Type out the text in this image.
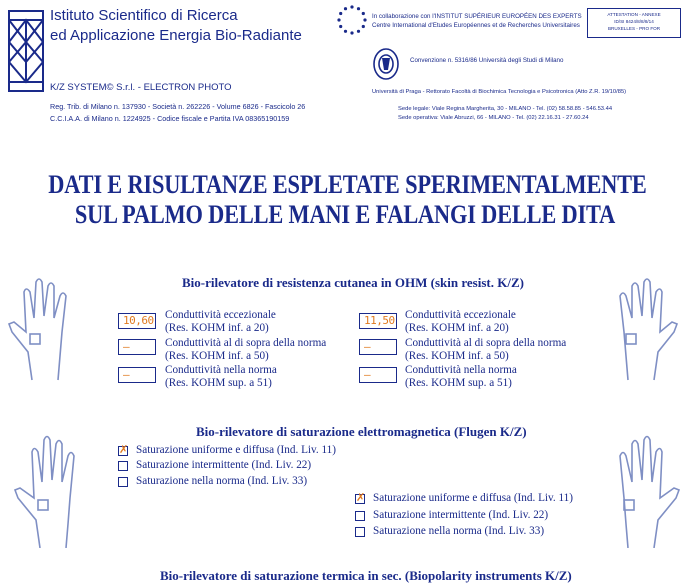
Istituto Scientifico di Ricerca
ed Applicazione Energia Bio-Radiante
K/Z SYSTEM© S.r.l. - ELECTRON PHOTO
Reg. Trib. di Milano n. 137930 - Società n. 262226 - Volume 6826 - Fascicolo 26
C.C.I.A.A. di Milano n. 1224925 - Codice fiscale e Partita IVA 08365190159
In collaborazione con l'INSTITUT SUPÉRIEUR EUROPÉEN DES EXPERTS
Centre International d'Etudes Européennes et de Recherches Universitaires
ATTESTATION - ANNEXE
ID/SI 8424/8/8/8/14
BRUXELLES - PRO FOR
Convenzione n. 5316/86 Università degli Studi di Milano
Università di Praga - Rettorato Facoltà di Biochimica Tecnologia e Psicotronica (Atto Z.R. 19/10/85)
Sede legale: Viale Regina Margherita, 30 - MILANO - Tel. (02) 58.58.85 - 546.53.44
Sede operativa: Viale Abruzzi, 66 - MILANO - Tel. (02) 22.16.31 - 27.60.24
DATI E RISULTANZE ESPLETATE SPERIMENTALMENTE
SUL PALMO DELLE MANI E FALANGI DELLE DITA
Bio-rilevatore di resistenza cutanea in OHM (skin resist. K/Z)
10,60 Conduttività eccezionale
(Res. KOHM inf. a 20)
–	Conduttività al di sopra della norma
(Res. KOHM inf. a 50)
–	Conduttività nella norma
(Res. KOHM sup. a 51)
11,50 Conduttività eccezionale
(Res. KOHM inf. a 20)
–	Conduttività al di sopra della norma
(Res. KOHM inf. a 50)
–	Conduttività nella norma
(Res. KOHM sup. a 51)
Bio-rilevatore di saturazione elettromagnetica (Flugen K/Z)
✗ Saturazione uniforme e diffusa (Ind. Liv. 11)
Saturazione intermittente (Ind. Liv. 22)
Saturazione nella norma (Ind. Liv. 33)
✗ Saturazione uniforme e diffusa (Ind. Liv. 11)
Saturazione intermittente (Ind. Liv. 22)
Saturazione nella norma (Ind. Liv. 33)
Bio-rilevatore di saturazione termica in sec. (Biopolarity instruments K/Z)
